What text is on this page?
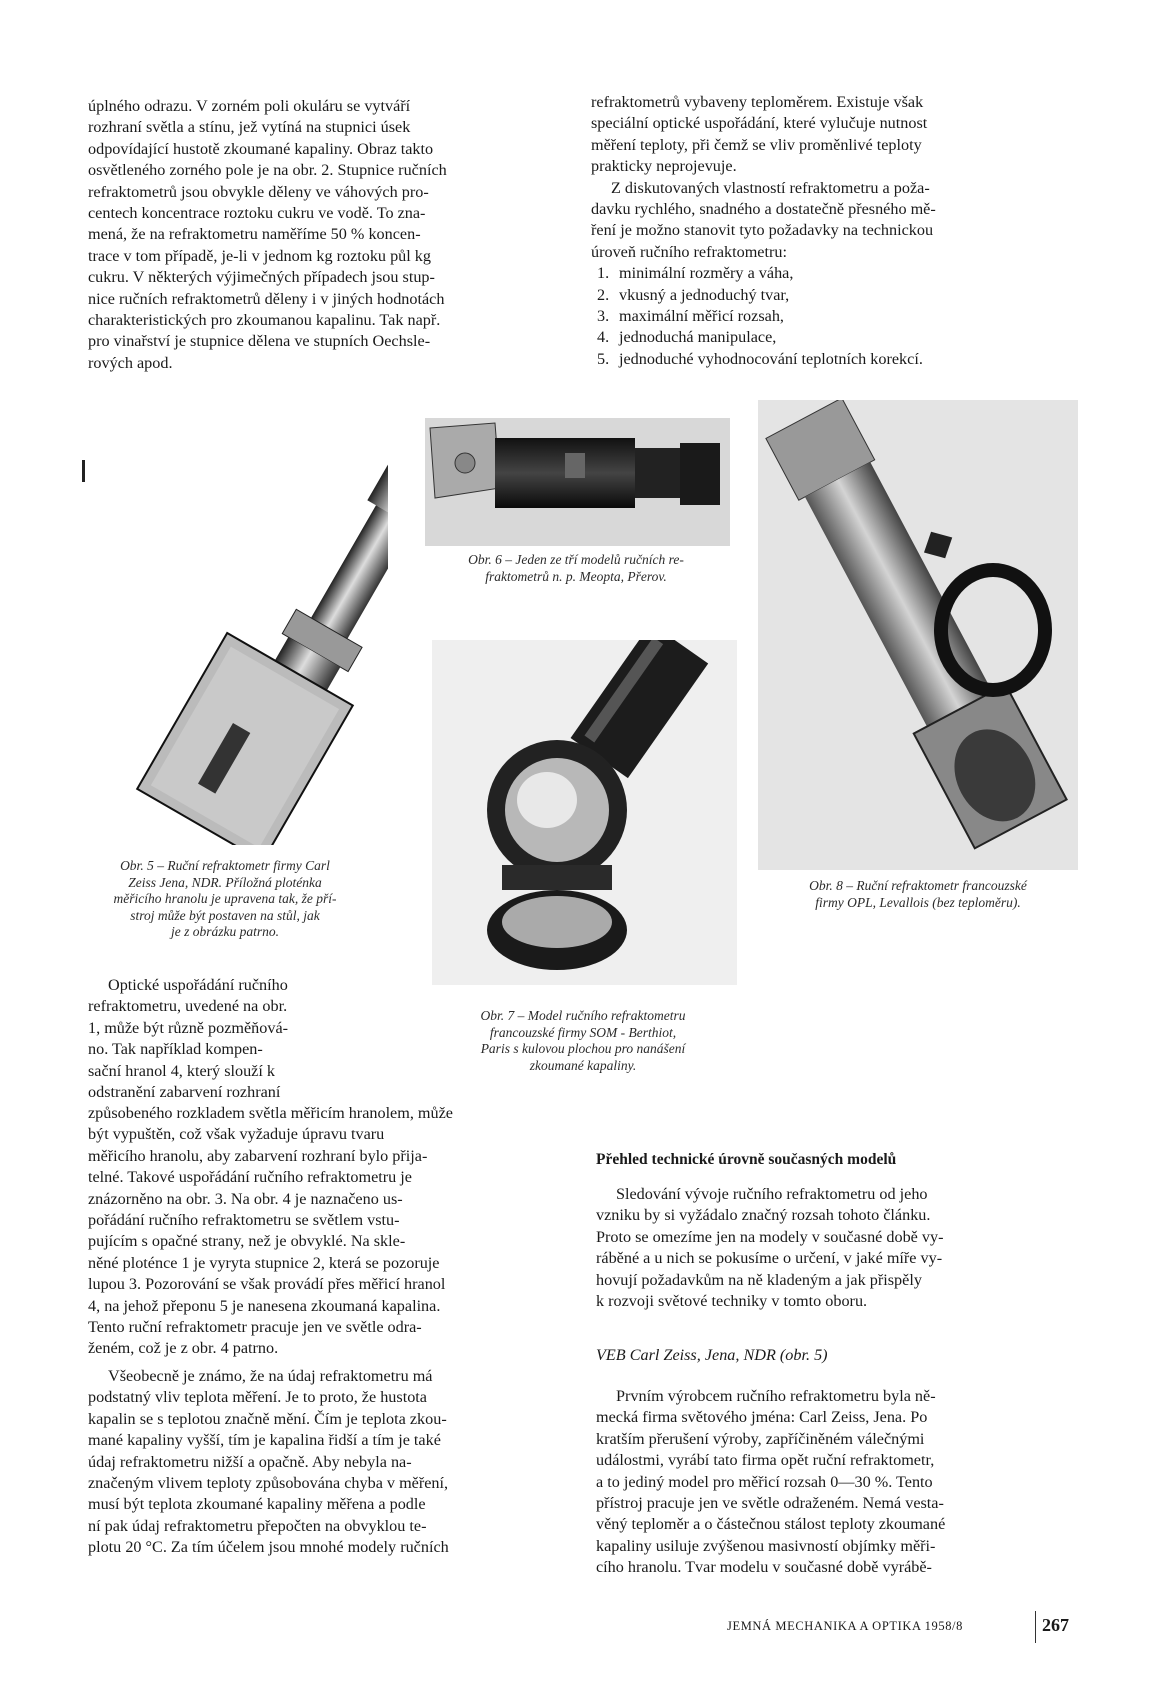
úplného odrazu. V zorném poli okuláru se vytváří
rozhraní světla a stínu, jež vytíná na stupnici úsek
odpovídající hustotě zkoumané kapaliny. Obraz takto
osvětleného zorného pole je na obr. 2. Stupnice ručních
refraktometrů jsou obvykle děleny ve váhových pro-
centech koncentrace roztoku cukru ve vodě. To zna-
mená, že na refraktometru naměříme 50 % koncen-
trace v tom případě, je-li v jednom kg roztoku půl kg
cukru. V některých výjimečných případech jsou stup-
nice ručních refraktometrů děleny i v jiných hodnotách
charakteristických pro zkoumanou kapalinu. Tak např.
pro vinařství je stupnice dělena ve stupních Oechsle-
rových apod.
refraktometrů vybaveny teploměrem. Existuje však
speciální optické uspořádání, které vylučuje nutnost
měření teploty, při čemž se vliv proměnlivé teploty
prakticky neprojevuje.
Z diskutovaných vlastností refraktometru a poža-
davku rychlého, snadného a dostatečně přesného mě-
ření je možno stanovit tyto požadavky na technickou
úroveň ručního refraktometru:
1. minimální rozměry a váha,
2. vkusný a jednoduchý tvar,
3. maximální měřicí rozsah,
4. jednoduchá manipulace,
5. jednoduché vyhodnocování teplotních korekcí.
Obr. 5 – Ruční refraktometr firmy Carl
Zeiss Jena, NDR. Příložná ploténka
měřicího hranolu je upravena tak, že pří-
stroj může být postaven na stůl, jak
je z obrázku patrno.
Obr. 6 – Jeden ze tří modelů ručních re-
fraktometrů n. p. Meopta, Přerov.
Obr. 7 – Model ručního refraktometru
francouzské firmy SOM - Berthiot,
Paris s kulovou plochou pro nanášení
zkoumané kapaliny.
Obr. 8 – Ruční refraktometr francouzské
firmy OPL, Levallois (bez teploměru).
Optické uspořádání ručního
refraktometru, uvedené na obr.
1, může být různě pozměňová-
no. Tak například kompen-
sační hranol 4, který slouží k
odstranění zabarvení rozhraní
způsobeného rozkladem světla měřicím hranolem, může
být vypuštěn, což však vyžaduje úpravu tvaru
měřicího hranolu, aby zabarvení rozhraní bylo přija-
telné. Takové uspořádání ručního refraktometru je
znázorněno na obr. 3. Na obr. 4 je naznačeno us-
pořádání ručního refraktometru se světlem vstu-
pujícím s opačné strany, než je obvyklé. Na skle-
něné ploténce 1 je vyryta stupnice 2, která se pozoruje
lupou 3. Pozorování se však provádí přes měřicí hranol
4, na jehož přeponu 5 je nanesena zkoumaná kapalina.
Tento ruční refraktometr pracuje jen ve světle odra-
ženém, což je z obr. 4 patrno.
Všeobecně je známo, že na údaj refraktometru má
podstatný vliv teplota měření. Je to proto, že hustota
kapalin se s teplotou značně mění. Čím je teplota zkou-
mané kapaliny vyšší, tím je kapalina řidší a tím je také
údaj refraktometru nižší a opačně. Aby nebyla na-
značeným vlivem teploty způsobována chyba v měření,
musí být teplota zkoumané kapaliny měřena a podle
ní pak údaj refraktometru přepočten na obvyklou te-
plotu 20 °C. Za tím účelem jsou mnohé modely ručních
Přehled technické úrovně současných modelů
Sledování vývoje ručního refraktometru od jeho
vzniku by si vyžádalo značný rozsah tohoto článku.
Proto se omezíme jen na modely v současné době vy-
ráběné a u nich se pokusíme o určení, v jaké míře vy-
hovují požadavkům na ně kladeným a jak přispěly
k rozvoji světové techniky v tomto oboru.
VEB Carl Zeiss, Jena, NDR (obr. 5)
Prvním výrobcem ručního refraktometru byla ně-
mecká firma světového jména: Carl Zeiss, Jena. Po
kratším přerušení výroby, zapříčiněném válečnými
událostmi, vyrábí tato firma opět ruční refraktometr,
a to jediný model pro měřicí rozsah 0—30 %. Tento
přístroj pracuje jen ve světle odraženém. Nemá vesta-
věný teploměr a o částečnou stálost teploty zkoumané
kapaliny usiluje zvýšenou masivností objímky měři-
cího hranolu. Tvar modelu v současné době vyrábě-
JEMNÁ MECHANIKA A OPTIKA 1958/8	267
